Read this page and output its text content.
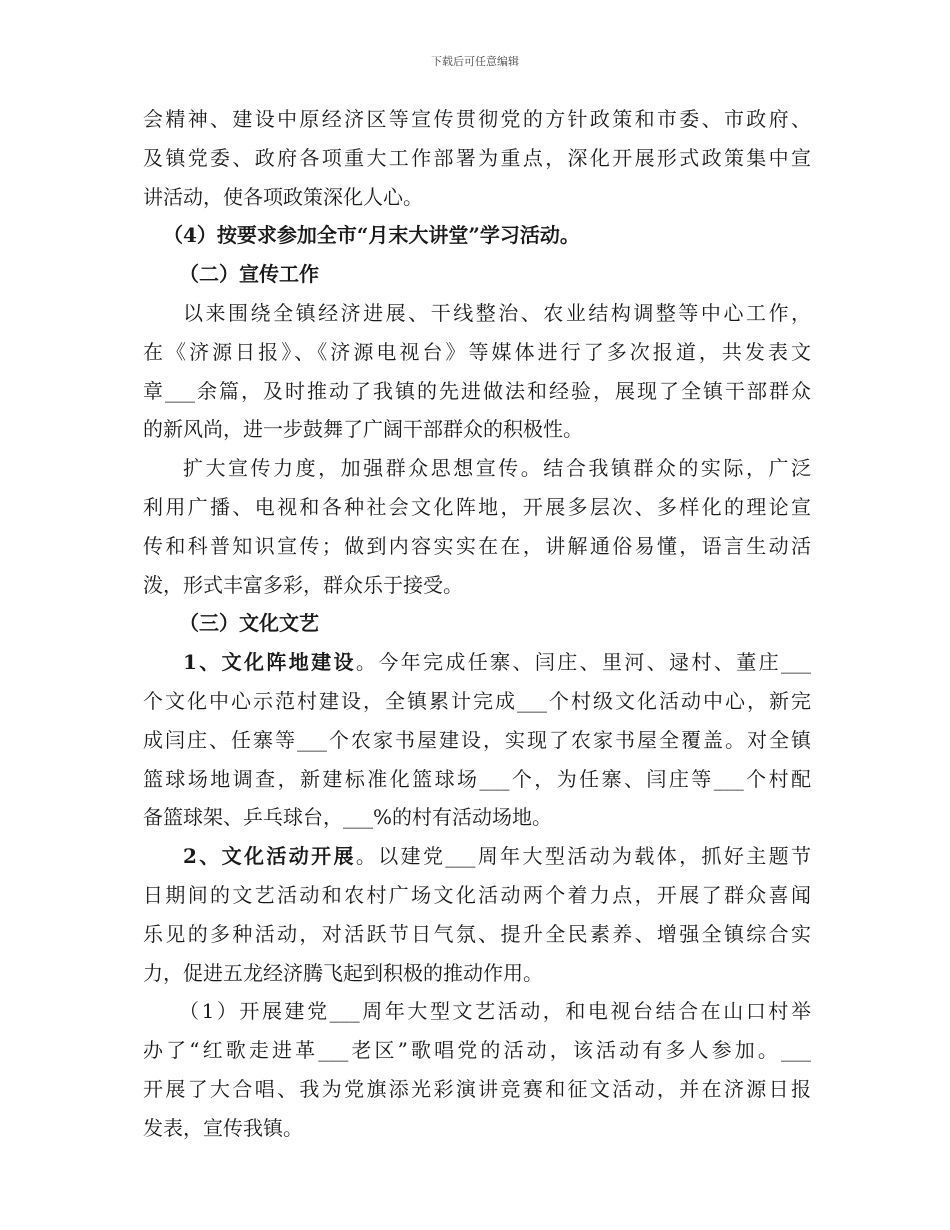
下载后可任意编辑
会精神、建设中原经济区等宣传贯彻党的方针政策和市委、市政府、
及镇党委、政府各项重大工作部署为重点，深化开展形式政策集中宣
讲活动，使各项政策深化人心。
（4）按要求参加全市“月末大讲堂”学习活动。
（二）宣传工作
以来围绕全镇经济进展、干线整治、农业结构调整等中心工作，
在《济源日报》、《济源电视台》等媒体进行了多次报道，共发表文
章___余篇，及时推动了我镇的先进做法和经验，展现了全镇干部群众
的新风尚，进一步鼓舞了广阔干部群众的积极性。
扩大宣传力度，加强群众思想宣传。结合我镇群众的实际，广泛
利用广播、电视和各种社会文化阵地，开展多层次、多样化的理论宣
传和科普知识宣传；做到内容实实在在，讲解通俗易懂，语言生动活
泼，形式丰富多彩，群众乐于接受。
（三）文化文艺
1、文化阵地建设。今年完成任寨、闫庄、里河、逯村、董庄___
个文化中心示范村建设，全镇累计完成___个村级文化活动中心，新完
成闫庄、任寨等___个农家书屋建设，实现了农家书屋全覆盖。对全镇
篮球场地调查，新建标准化篮球场___个，为任寨、闫庄等___个村配
备篮球架、乒乓球台，___%的村有活动场地。
2、文化活动开展。以建党___周年大型活动为载体，抓好主题节
日期间的文艺活动和农村广场文化活动两个着力点，开展了群众喜闻
乐见的多种活动，对活跃节日气氛、提升全民素养、增强全镇综合实
力，促进五龙经济腾飞起到积极的推动作用。
（1）开展建党___周年大型文艺活动，和电视台结合在山口村举
办了“红歌走进革___老区”歌唱党的活动，该活动有多人参加。___
开展了大合唱、我为党旗添光彩演讲竞赛和征文活动，并在济源日报
发表，宣传我镇。
